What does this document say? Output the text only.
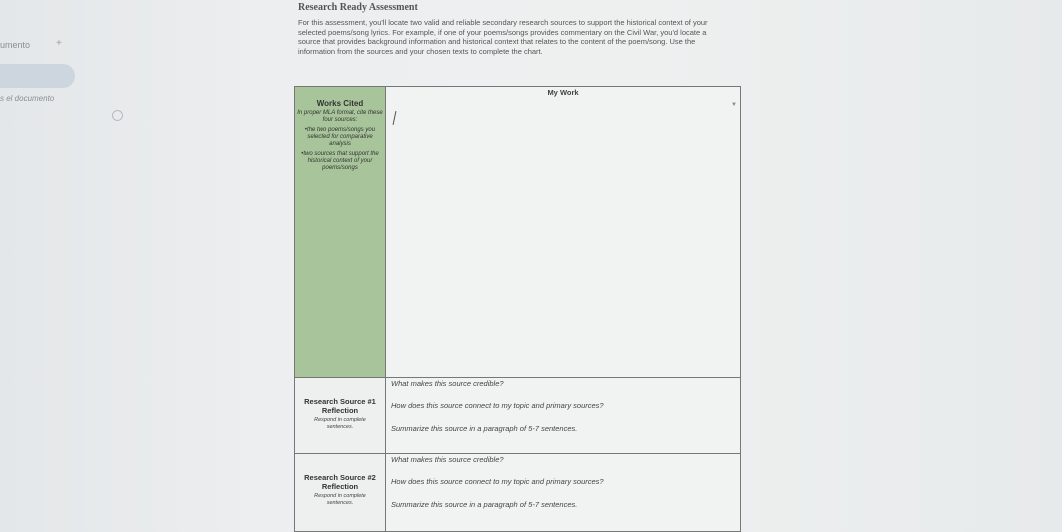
umento	+
s el documento
Research Ready Assessment
For this assessment, you'll locate two valid and reliable secondary research sources to support the historical context of your selected poems/song lyrics. For example, if one of your poems/songs provides commentary on the Civil War, you'd locate a source that provides background information and historical context that relates to the content of the poem/song. Use the information from the sources and your chosen texts to complete the chart.
Works Cited
In proper MLA format, cite these four sources:
• the two poems/songs you selected for comparative analysis
• two sources that support the historical context of your poems/songs
My Work
▼
Research Source #1 Reflection
Respond in complete sentences.
What makes this source credible?
How does this source connect to my topic and primary sources?
Summarize this source in a paragraph of 5-7 sentences.
Research Source #2 Reflection
Respond in complete sentences.
What makes this source credible?
How does this source connect to my topic and primary sources?
Summarize this source in a paragraph of 5-7 sentences.
